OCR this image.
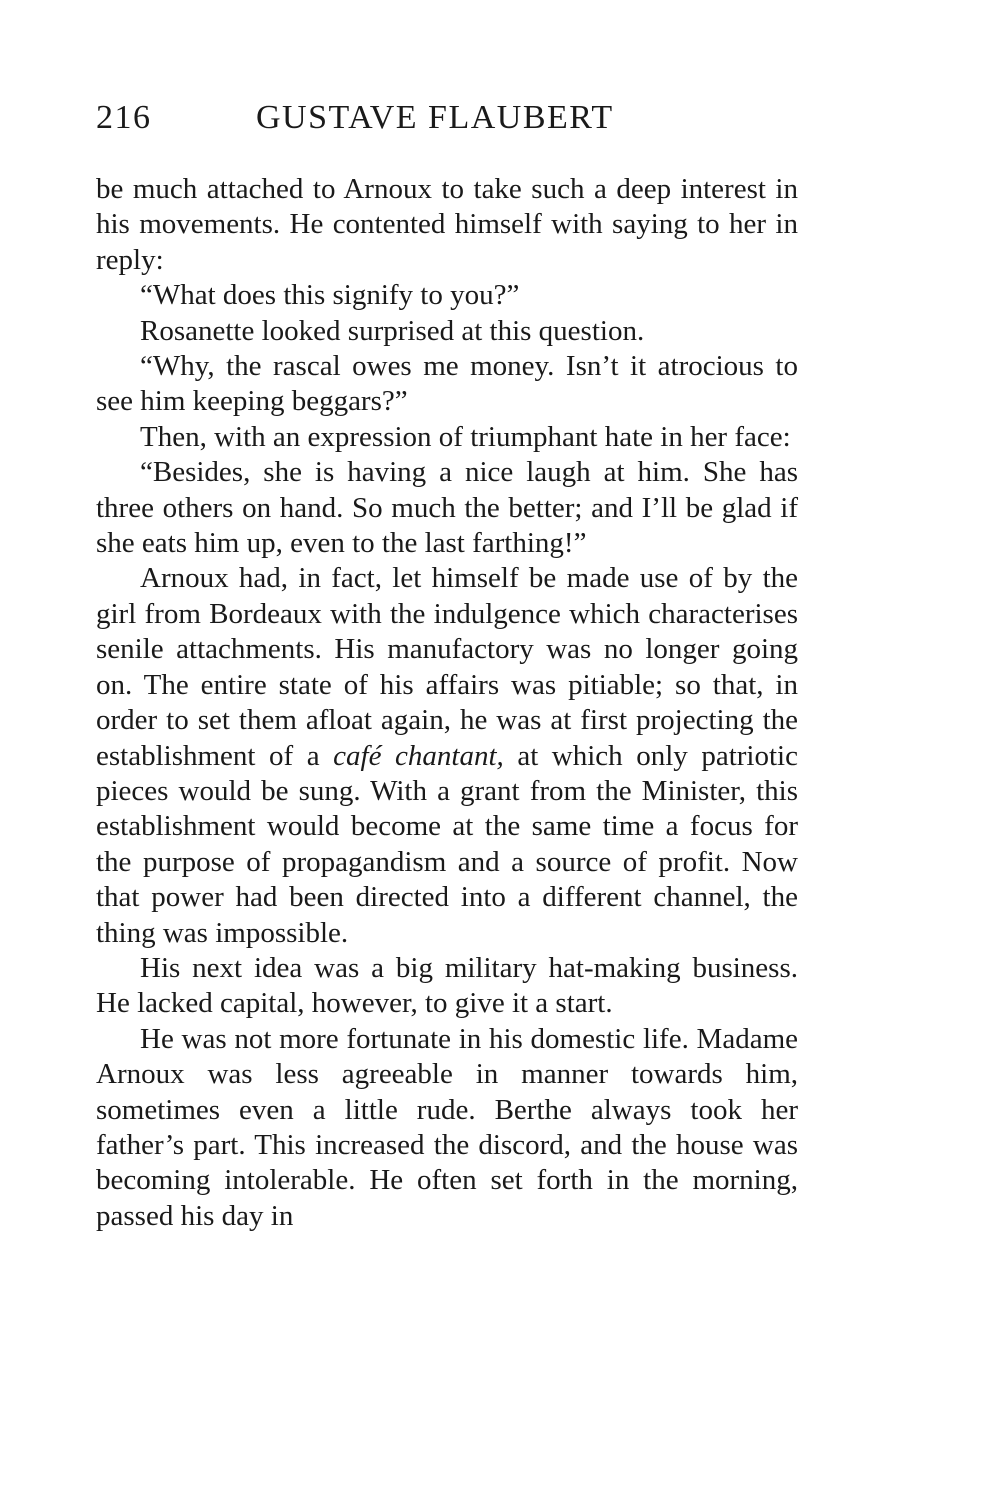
216	GUSTAVE FLAUBERT

be much attached to Arnoux to take such a deep interest in his movements. He contented himself with saying to her in reply:

“What does this signify to you?”

Rosanette looked surprised at this question.

“Why, the rascal owes me money. Isn’t it atrocious to see him keeping beggars?”

Then, with an expression of triumphant hate in her face:

“Besides, she is having a nice laugh at him. She has three others on hand. So much the better; and I’ll be glad if she eats him up, even to the last farthing!”

Arnoux had, in fact, let himself be made use of by the girl from Bordeaux with the indulgence which characterises senile attachments. His manufactory was no longer going on. The entire state of his affairs was pitiable; so that, in order to set them afloat again, he was at first projecting the establishment of a café chantant, at which only patriotic pieces would be sung. With a grant from the Minister, this establishment would become at the same time a focus for the purpose of propagandism and a source of profit. Now that power had been directed into a different channel, the thing was impossible.

His next idea was a big military hat-making business. He lacked capital, however, to give it a start.

He was not more fortunate in his domestic life. Madame Arnoux was less agreeable in manner towards him, sometimes even a little rude. Berthe always took her father’s part. This increased the discord, and the house was becoming intolerable. He often set forth in the morning, passed his day in
